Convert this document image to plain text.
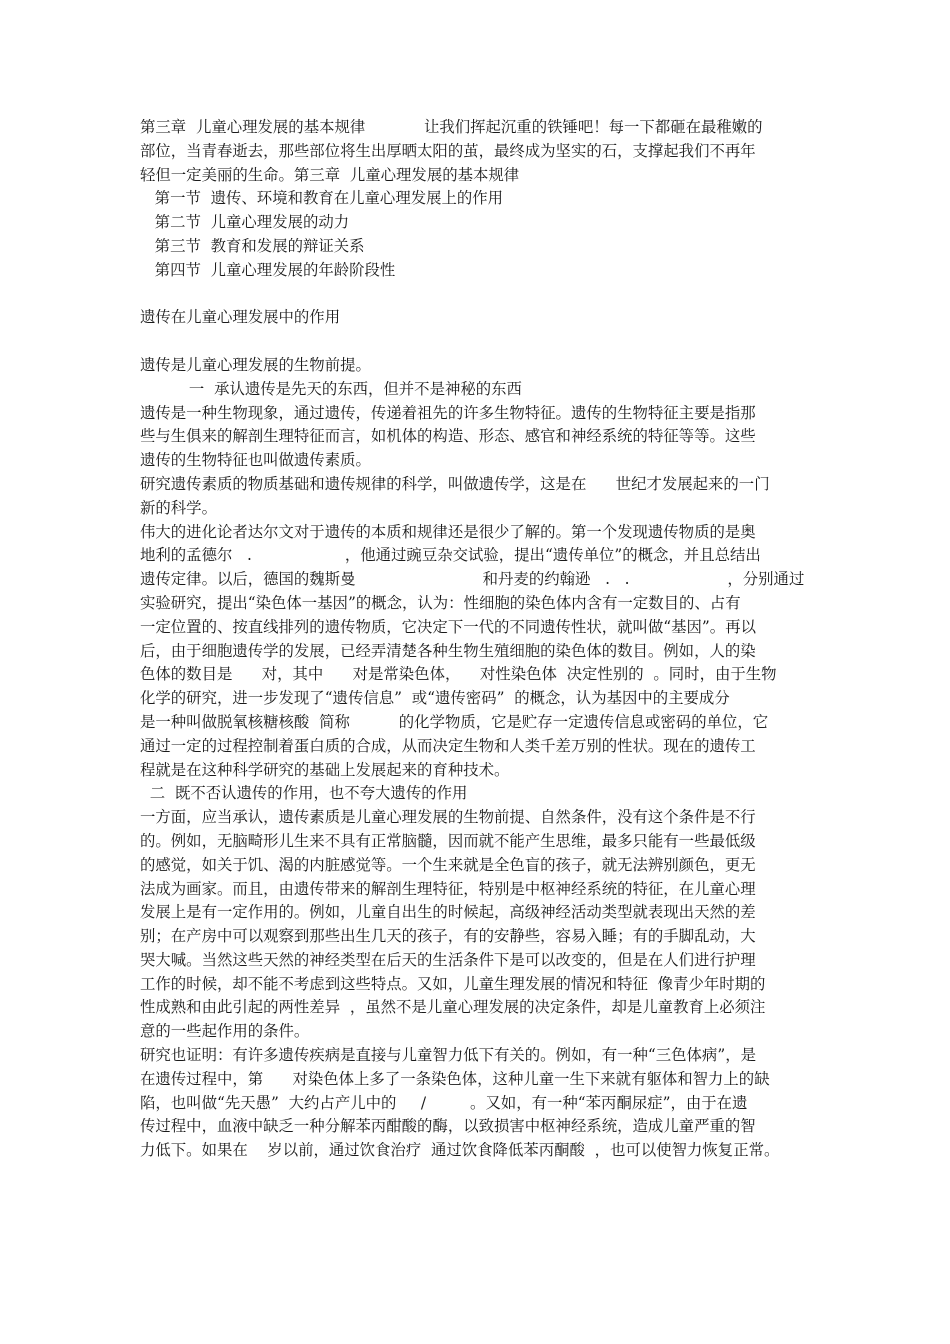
第三章  儿童心理发展的基本规律            让我们挥起沉重的铁锤吧！每一下都砸在最稚嫩的

部位，当青春逝去，那些部位将生出厚晒太阳的茧，最终成为坚实的石，支撑起我们不再年

轻但一定美丽的生命。第三章  儿童心理发展的基本规律

第一节  遗传、环境和教育在儿童心理发展上的作用

第二节  儿童心理发展的动力

第三节  教育和发展的辩证关系

第四节  儿童心理发展的年龄阶段性

遗传在儿童心理发展中的作用

遗传是儿童心理发展的生物前提。

一  承认遗传是先天的东西，但并不是神秘的东西

遗传是一种生物现象，通过遗传，传递着祖先的许多生物特征。遗传的生物特征主要是指那

些与生俱来的解剖生理特征而言，如机体的构造、形态、感官和神经系统的特征等等。这些

遗传的生物特征也叫做遗传素质。

研究遗传素质的物质基础和遗传规律的科学，叫做遗传学，这是在      世纪才发展起来的一门

新的科学。

伟大的进化论者达尔文对于遗传的本质和规律还是很少了解的。第一个发现遗传物质的是奥

地利的孟德尔   .                   ，他通过豌豆杂交试验，提出“遗传单位”的概念，并且总结出

遗传定律。以后，德国的魏斯曼                          和丹麦的约翰逊   .   .                    ，分别通过

实验研究，提出“染色体一基因”的概念，认为：性细胞的染色体内含有一定数目的、占有

一定位置的、按直线排列的遗传物质，它决定下一代的不同遗传性状，就叫做“基因”。再以

后，由于细胞遗传学的发展，已经弄清楚各种生物生殖细胞的染色体的数目。例如，人的染

色体的数目是      对，其中      对是常染色体，    对性染色体  决定性别的  。同时，由于生物

化学的研究，进一步发现了“遗传信息”  或“遗传密码”  的概念，认为基因中的主要成分

是一种叫做脱氧核糖核酸  简称          的化学物质，它是贮存一定遗传信息或密码的单位，它

通过一定的过程控制着蛋白质的合成，从而决定生物和人类千差万别的性状。现在的遗传工

程就是在这种科学研究的基础上发展起来的育种技术。

二  既不否认遗传的作用，也不夸大遗传的作用

一方面，应当承认，遗传素质是儿童心理发展的生物前提、自然条件，没有这个条件是不行

的。例如，无脑畸形儿生来不具有正常脑髓，因而就不能产生思维，最多只能有一些最低级

的感觉，如关于饥、渴的内脏感觉等。一个生来就是全色盲的孩子，就无法辨别颜色，更无

法成为画家。而且，由遗传带来的解剖生理特征，特别是中枢神经系统的特征，在儿童心理

发展上是有一定作用的。例如，儿童自出生的时候起，高级神经活动类型就表现出天然的差

别；在产房中可以观察到那些出生几天的孩子，有的安静些，容易入睡；有的手脚乱动，大

哭大喊。当然这些天然的神经类型在后天的生活条件下是可以改变的，但是在人们进行护理

工作的时候，却不能不考虑到这些特点。又如，儿童生理发展的情况和特征  像青少年时期的

性成熟和由此引起的两性差异  ，虽然不是儿童心理发展的决定条件，却是儿童教育上必须注

意的一些起作用的条件。

研究也证明：有许多遗传疾病是直接与儿童智力低下有关的。例如，有一种“三色体病”，是

在遗传过程中，第      对染色体上多了一条染色体，这种儿童一生下来就有躯体和智力上的缺

陷，也叫做“先天愚”  大约占产儿中的     /         。又如，有一种“苯丙酮尿症”，由于在遗

传过程中，血液中缺乏一种分解苯丙酣酸的酶，以致损害中枢神经系统，造成儿童严重的智

力低下。如果在    岁以前，通过饮食治疗  通过饮食降低苯丙酮酸  ，也可以使智力恢复正常。
